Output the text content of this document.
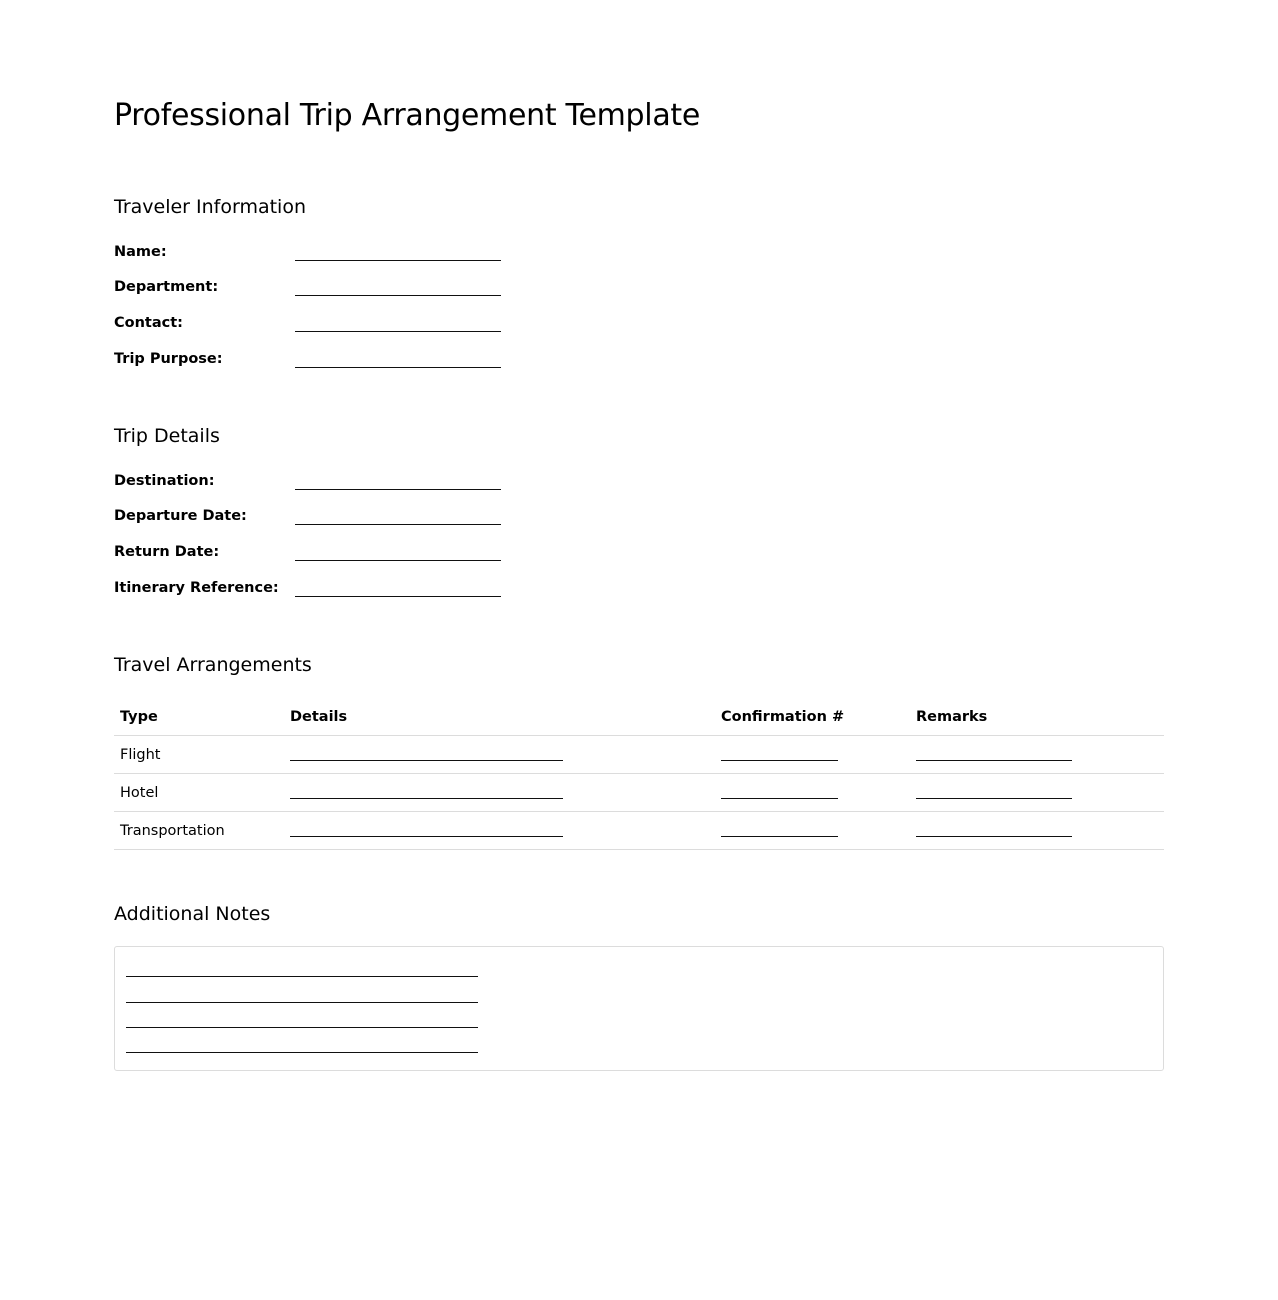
Professional Trip Arrangement Template
Traveler Information
Name:
Department:
Contact:
Trip Purpose:
Trip Details
Destination:
Departure Date:
Return Date:
Itinerary Reference:
Travel Arrangements
Type	Details	Confirmation #	Remarks
Flight
Hotel
Transportation
Additional Notes
